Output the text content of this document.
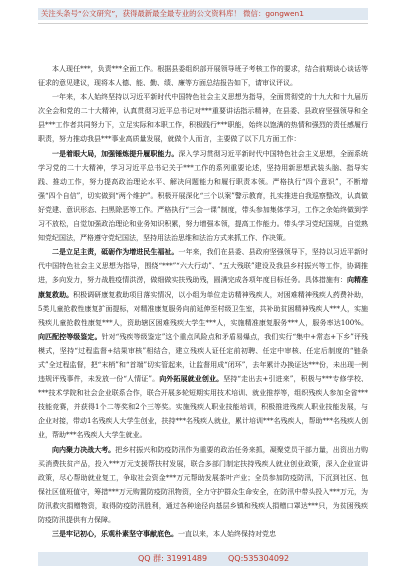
关注头条号“公文研究”，获得最新最全最专业的公文资料库！ 微信：gongwen1

本人现任***，负责***全面工作。根据县委组织部开展领导班子考核工作的要求，结合前期谈心谈话等征求的意见建议，现将本人德、能、勤、绩、廉等方面总结报告如下，请审议评议。

一年来，本人始终坚持以习近平新时代中国特色社会主义思想为指导，全面贯彻党的十九大和十九届历次全会和党的二十大精神，认真贯彻习近平总书记对***重要讲话指示精神，在县委、县政府坚强领导和全县***工作者共同努力下，立足实际和本职工作，积极践行***职能，始终以饱满的热情和强烈的责任感履行职责，努力推动我县***事业高质量发展，就做个人而言，主要做了以下几方面工作：

一是着眼大局，加强锤炼提升履职能力。深入学习贯彻习近平新时代中国特色社会主义思想，全面系统学习党的二十大精神，学习习近平总书记关于***工作的系列重要论述，坚持用新思想武装头脑、指导实践、推动工作，努力提高政治理论水平、解决问题能力和履行职责本领。严格执行“四个意识”，不断增强“四个自信”，切实做到“两个维护”。积极开展深化“三个以案”警示教育，扎实推进自我巡察整改，认真做好党建、意识形态、扫黑除恶等工作。严格执行“三会一课”制度，带头参加集体学习，工作之余始终做到学习不放松，自觉加强政治理论和业务知识积累，努力增强本领，提高工作能力。带头学习党纪国规，自觉熟知党纪国法，严格遵守党纪国法，坚持用法治思维和法治方式来抓工作、作决策。

二是立足主责，砥砺作为增进民生福祉。一年来，我们在县委、县政府坚强领导下，坚持以习近平新时代中国特色社会主义思想为指导，围绕“***”“六大行动”、“五大残联”建设及我县乡村振兴等工作，协调推进，多向发力，努力战胜疫情洪涝，做细做实扶残助残，圆满完成各项年度目标任务。具体措施有：向精准康复救助。积极调研康复救助项目落实情况，以小组为单位走访精神残疾人，对困难精神残疾人药费补助，5类儿童抢救性康复扩面提标，对精准康复服务向前延伸至村级卫生室，共补助贫困精神残疾人***人，实施残疾儿童抢救性康复***人，资助辖区困难残疾大学生***人，实施精准康复服务***人，服务率达100%。向匹配控等级鉴定。针对“残疾等级鉴定”这个重点风险点和矛盾易爆点，我们实行“集中+常态+下乡”评残模式，坚持“过程监督+结果审核”相结合，建立残疾人证任定前初聘、任定中审核、任定后制度的“链条式”全过程监督，把“末梢”和“首端”切实管起来，让监督用成“闭环”，去年累计办换证达***份，未出现一例违规评残事件，未发放一份“人情证”。向外拓展就业创业。坚持“走出去+引进来”，积极与***专修学校、***技术学院和社会企业联系合作，联合开展多轮短期实用技术培训、就业推荐等，组织残疾人参加全省***技能竞赛，并获得1个二等奖和2个三等奖。实施残疾人职业技能培训，积极推进残疾人职业技能发展，与企业对接，带动1名残疾人大学生创业，扶持***名残疾人就业，累计培训***名残疾人，帮助***名残疾人创业，帮助***名残疾人大学生就业。

向内聚力决战大考。把乡村振兴和防疫防汛作为重要的政治任务来抓，凝聚党员干部力量，出资出力购买消费扶贫产品，投入***万元支援帮扶村发展，联合多部门制定扶持残疾人就业创业政策，深入企业宣讲政策，尽心帮助就业复工，争取社会资金***万元帮助发展茶叶产业；全员参加防疫防汛，下沉到社区、包保社区值班值守，筹措***万元购置防疫防汛物资，全力守护群众生命安全，在防汛中带头投入***万元，为防汛救灾捐赠物资，取得防疫防汛胜利，通过各种途径向基层乡镇和残疾人捐赠口罩达***只，为贫困残疾防疫防汛提供有力保障。

三是牢记初心，乐观朴素坚守事献底色。一直以来，本人始终保持对党忠

QQ 群: 31991489	QQ:535304092
